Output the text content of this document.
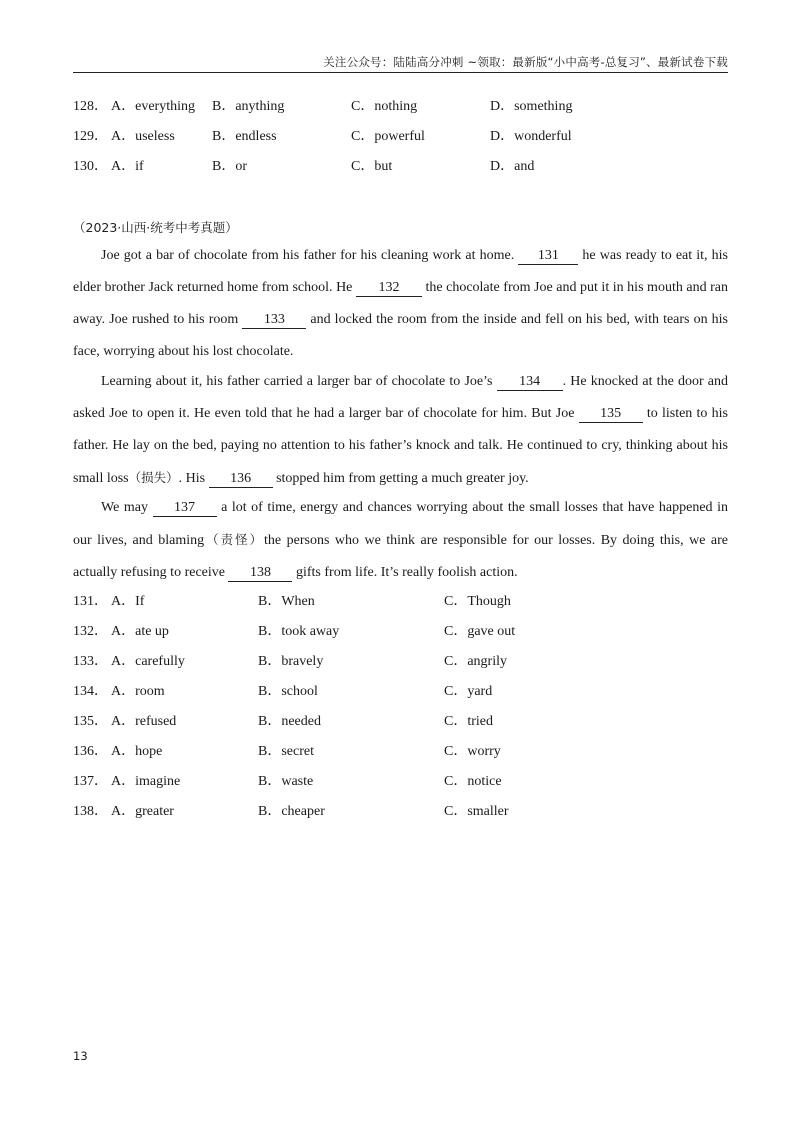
关注公众号：陆陆高分冲刺 ~领取：最新版“小中高考-总复习”、最新试卷下载
128． A．everything B．anything	C．nothing	D．something
129． A．useless	B．endless	C．powerful	D．wonderful
130． A．if	B．or	C．but	D．and
（2023·山西·统考中考真题）

Joe got a bar of chocolate from his father for his cleaning work at home. 131 he was ready to eat it, his elder brother Jack returned home from school. He 132 the chocolate from Joe and put it in his mouth and ran away. Joe rushed to his room 133 and locked the room from the inside and fell on his bed, with tears on his face, worrying about his lost chocolate.

Learning about it, his father carried a larger bar of chocolate to Joe’s 134 . He knocked at the door and asked Joe to open it. He even told that he had a larger bar of chocolate for him. But Joe 135 to listen to his father. He lay on the bed, paying no attention to his father’s knock and talk. He continued to cry, thinking about his small loss（损失）. His 136 stopped him from getting a much greater joy.

We may 137 a lot of time, energy and chances worrying about the small losses that have happened in our lives, and blaming（责怪）the persons who we think are responsible for our losses. By doing this, we are actually refusing to receive 138 gifts from life. It’s really foolish action.

131． A．If	B．When	C．Though
132． A．ate up	B．took away	C．gave out
133． A．carefully	B．bravely	C．angrily
134． A．room	B．school	C．yard
135． A．refused	B．needed	C．tried
136． A．hope	B．secret	C．worry
137． A．imagine	B．waste	C．notice
138． A．greater	B．cheaper	C．smaller
13
